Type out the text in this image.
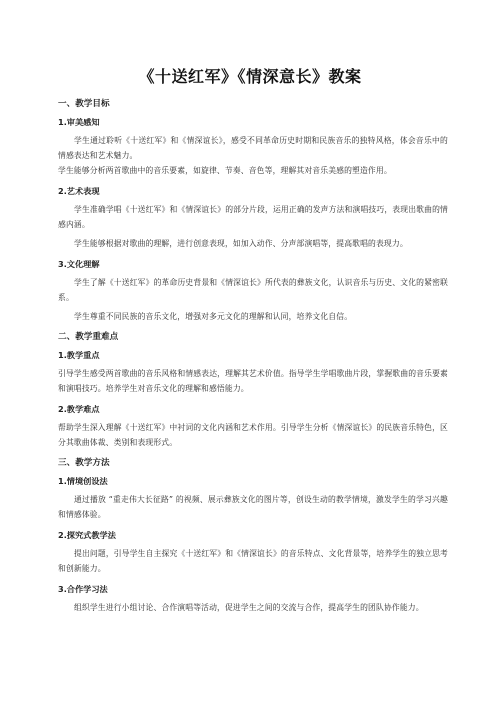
《十送红军》《情深意长》教案
一、教学目标
1.审美感知

学生通过聆听《十送红军》和《情深谊长》，感受不同革命历史时期和民族音乐的独特风格，体会音乐中的情感表达和艺术魅力。

学生能够分析两首歌曲中的音乐要素，如旋律、节奏、音色等，理解其对音乐美感的塑造作用。

2.艺术表现

学生准确学唱《十送红军》和《情深谊长》的部分片段，运用正确的发声方法和演唱技巧，表现出歌曲的情感内涵。

学生能够根据对歌曲的理解，进行创意表现，如加入动作、分声部演唱等，提高歌唱的表现力。

3.文化理解

学生了解《十送红军》的革命历史背景和《情深谊长》所代表的彝族文化，认识音乐与历史、文化的紧密联系。

学生尊重不同民族的音乐文化，增强对多元文化的理解和认同，培养文化自信。

二、教学重难点
1.教学重点

引导学生感受两首歌曲的音乐风格和情感表达，理解其艺术价值。指导学生学唱歌曲片段，掌握歌曲的音乐要素和演唱技巧。培养学生对音乐文化的理解和感悟能力。

2.教学难点

帮助学生深入理解《十送红军》中衬词的文化内涵和艺术作用。引导学生分析《情深谊长》的民族音乐特色，区分其歌曲体裁、类别和表现形式。

三、教学方法
1.情境创设法

通过播放 “重走伟大长征路” 的视频、展示彝族文化的图片等，创设生动的教学情境，激发学生的学习兴趣和情感体验。

2.探究式教学法

提出问题，引导学生自主探究《十送红军》和《情深谊长》的音乐特点、文化背景等，培养学生的独立思考和创新能力。

3.合作学习法

组织学生进行小组讨论、合作演唱等活动，促进学生之间的交流与合作，提高学生的团队协作能力。
